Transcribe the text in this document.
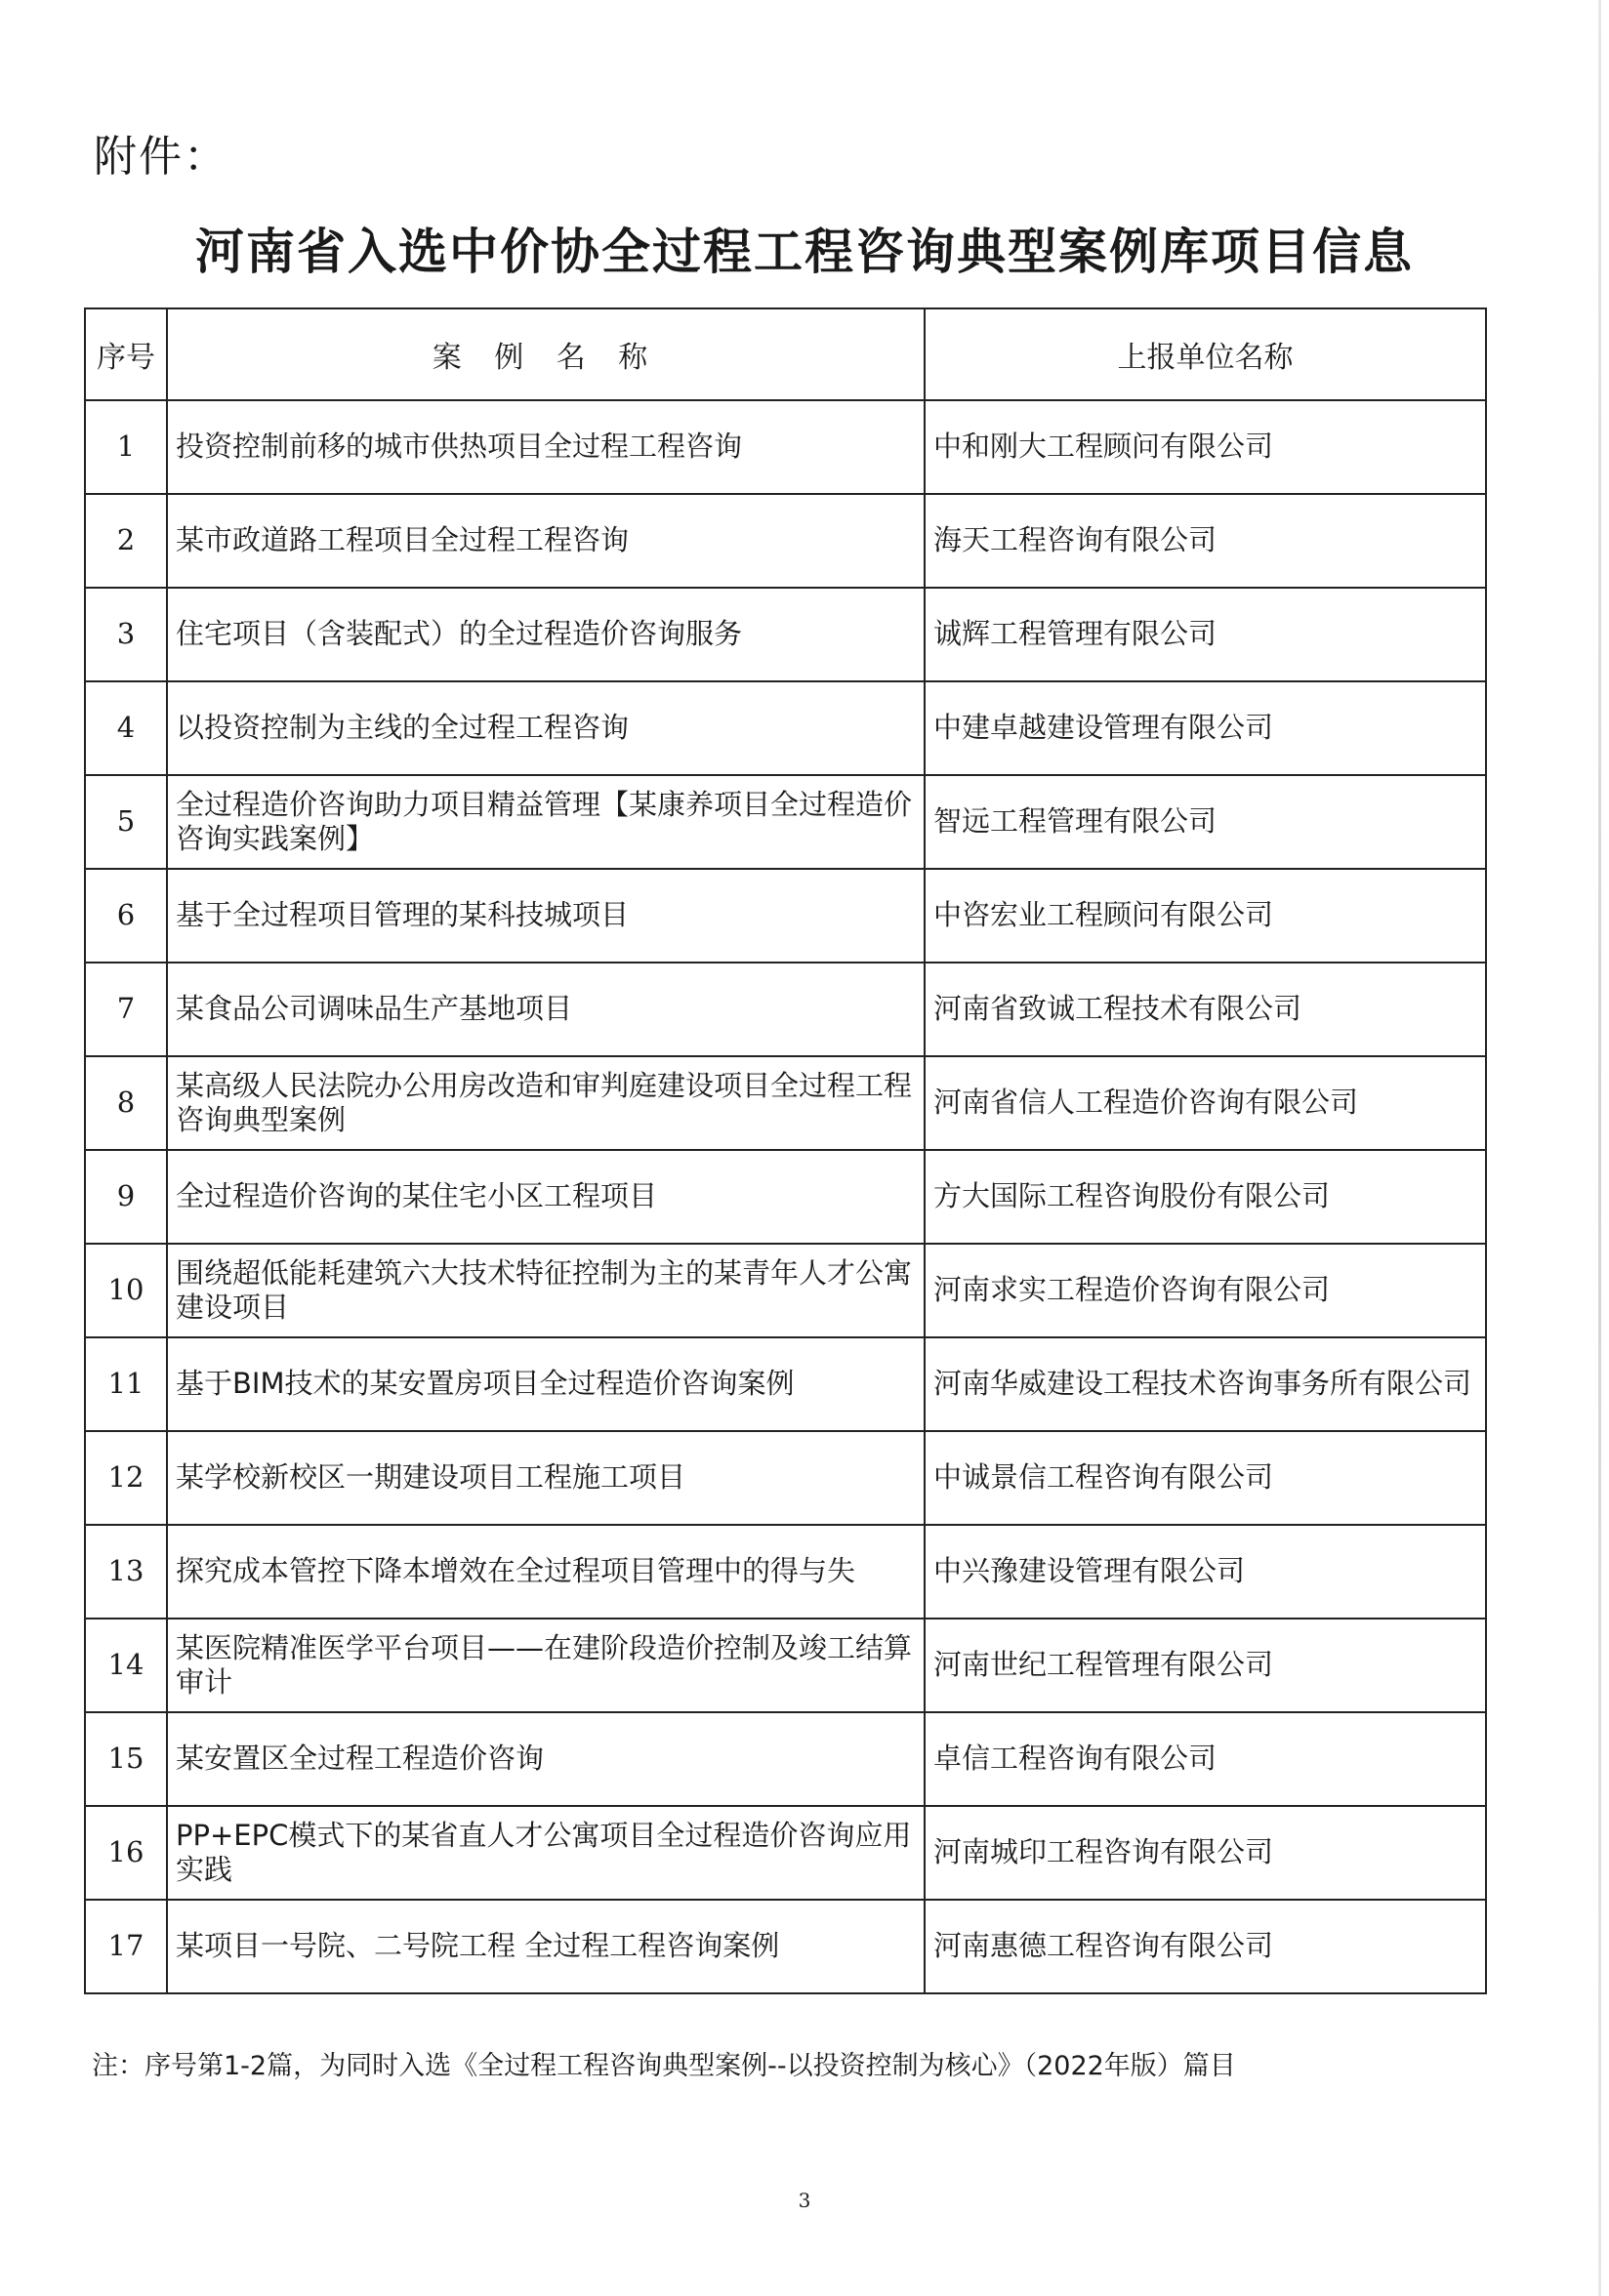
附件：
河南省入选中价协全过程工程咨询典型案例库项目信息
序号	案 例 名 称	上报单位名称
1	投资控制前移的城市供热项目全过程工程咨询	中和刚大工程顾问有限公司
2	某市政道路工程项目全过程工程咨询	海天工程咨询有限公司
3	住宅项目（含装配式）的全过程造价咨询服务	诚辉工程管理有限公司
4	以投资控制为主线的全过程工程咨询	中建卓越建设管理有限公司
5	全过程造价咨询助力项目精益管理【某康养项目全过程造价咨询实践案例】	智远工程管理有限公司
6	基于全过程项目管理的某科技城项目	中咨宏业工程顾问有限公司
7	某食品公司调味品生产基地项目	河南省致诚工程技术有限公司
8	某高级人民法院办公用房改造和审判庭建设项目全过程工程咨询典型案例	河南省信人工程造价咨询有限公司
9	全过程造价咨询的某住宅小区工程项目	方大国际工程咨询股份有限公司
10	围绕超低能耗建筑六大技术特征控制为主的某青年人才公寓建设项目	河南求实工程造价咨询有限公司
11	基于BIM技术的某安置房项目全过程造价咨询案例	河南华威建设工程技术咨询事务所有限公司
12	某学校新校区一期建设项目工程施工项目	中诚景信工程咨询有限公司
13	探究成本管控下降本增效在全过程项目管理中的得与失	中兴豫建设管理有限公司
14	某医院精准医学平台项目——在建阶段造价控制及竣工结算审计	河南世纪工程管理有限公司
15	某安置区全过程工程造价咨询	卓信工程咨询有限公司
16	PP+EPC模式下的某省直人才公寓项目全过程造价咨询应用实践	河南城印工程咨询有限公司
17	某项目一号院、二号院工程 全过程工程咨询案例	河南惠德工程咨询有限公司
注：序号第1-2篇，为同时入选《全过程工程咨询典型案例--以投资控制为核心》（2022年版）篇目
3
